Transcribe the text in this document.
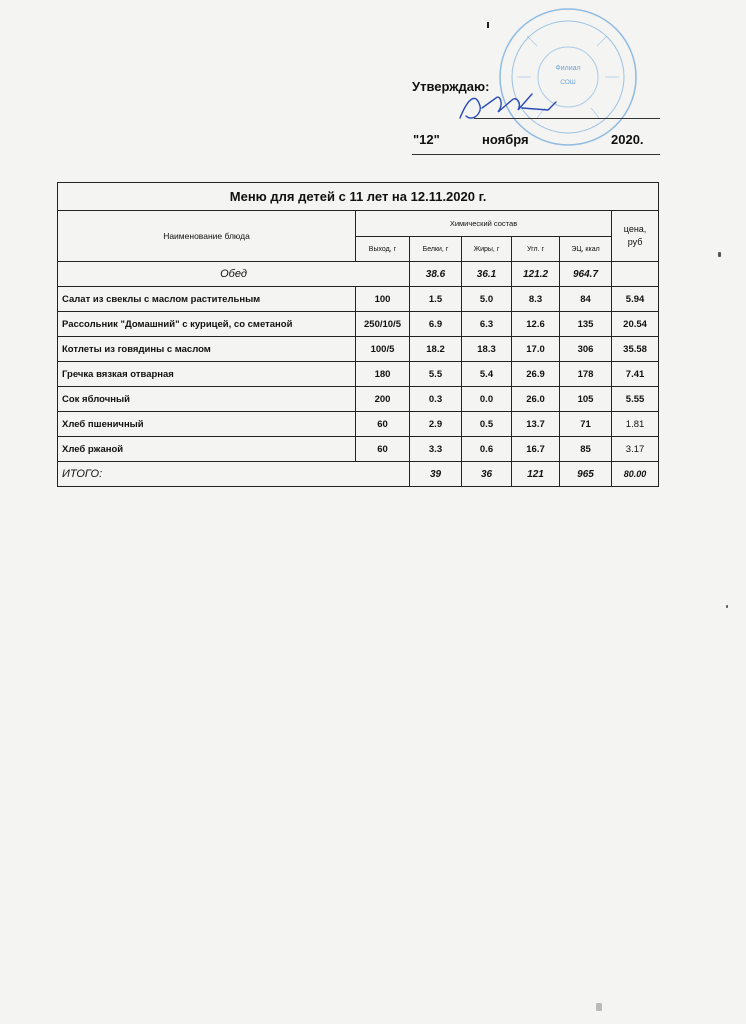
Филиал
СОШ
Утверждаю:
"12"	ноября	2020.
Меню для детей с 11 лет на 12.11.2020 г.						
Наименование блюда	Химический состав					цена, руб
	Выход, г	Белки, г	Жиры, г	Угл. г	ЭЦ, ккал	
Обед		38.6	36.1	121.2	964.7	
Салат из свеклы с маслом растительным	100	1.5	5.0	8.3	84	5.94
Рассольник "Домашний" с курицей, со сметаной	250/10/5	6.9	6.3	12.6	135	20.54
Котлеты из говядины с маслом	100/5	18.2	18.3	17.0	306	35.58
Гречка вязкая отварная	180	5.5	5.4	26.9	178	7.41
Сок яблочный	200	0.3	0.0	26.0	105	5.55
Хлеб пшеничный	60	2.9	0.5	13.7	71	1.81
Хлеб ржаной	60	3.3	0.6	16.7	85	3.17
ИТОГО:		39	36	121	965	80.00
